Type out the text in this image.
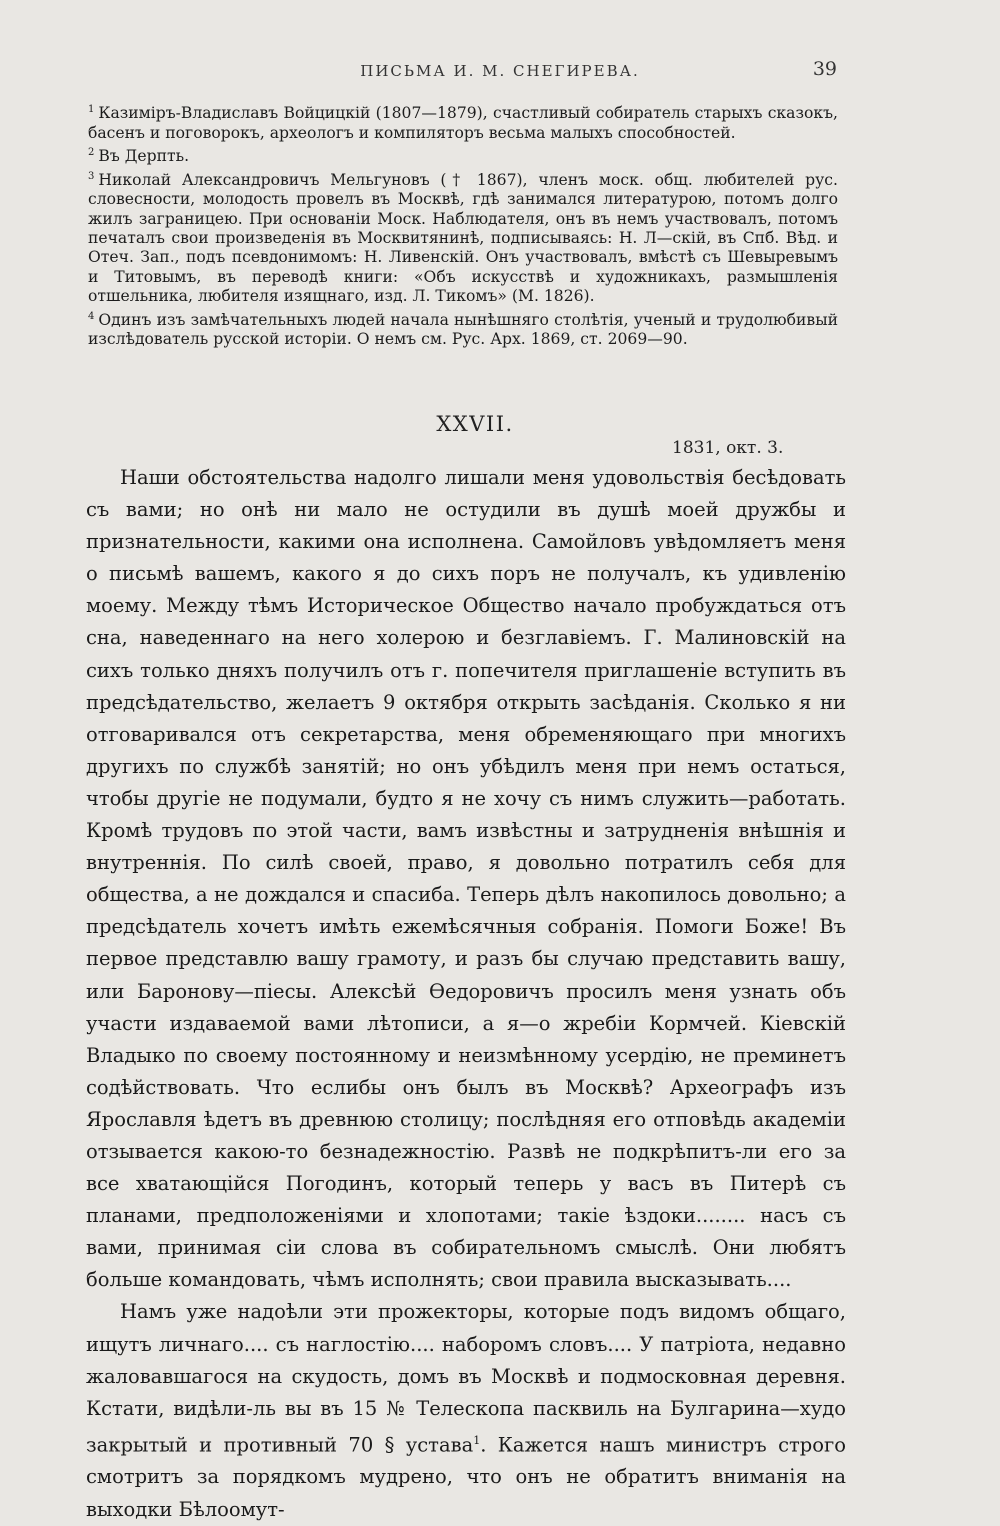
ПИСЬМА И. М. СНЕГИРЕВА.	39

$^1$ Казиміръ-Владиславъ Войцицкій (1807—1879), счастливый собиратель старыхъ сказокъ, басенъ и поговорокъ, археологъ и компиляторъ весьма малыхъ способностей.

$^2$ Въ Дерпть.

$^3$ Николай Александровичъ Мельгуновъ († 1867), членъ моск. общ. любителей рус. словесности, молодость провелъ въ Москвѣ, гдѣ занимался литературою, потомъ долго жилъ заграницею. При основаніи Моск. Наблюдателя, онъ въ немъ участвовалъ, потомъ печаталъ свои произведенія въ Москвитянинѣ, подписываясь: Н. Л—скій, въ Спб. Вѣд. и Отеч. Зап., подъ псевдонимомъ: Н. Ливенскій. Онъ участвовалъ, вмѣстѣ съ Шевыревымъ и Титовымъ, въ переводѣ книги: «Объ искусствѣ и художникахъ, размышленія отшельника, любителя изящнаго, изд. Л. Тикомъ» (М. 1826).

$^4$ Одинъ изъ замѣчательныхъ людей начала нынѣшняго столѣтія, ученый и трудолюбивый изслѣдователь русской исторіи. О немъ см. Рус. Арх. 1869, ст. 2069—90.

XXVII.
1831, окт. 3.

Наши обстоятельства надолго лишали меня удовольствія бесѣдовать съ вами; но онѣ ни мало не остудили въ душѣ моей дружбы и признательности, какими она исполнена. Самойловъ увѣдомляетъ меня о письмѣ вашемъ, какого я до сихъ поръ не получалъ, къ удивленію моему. Между тѣмъ Историческое Общество начало пробуждаться отъ сна, наведеннаго на него холерою и безглавіемъ. Г. Малиновскій на сихъ только дняхъ получилъ отъ г. попечителя приглашеніе вступить въ предсѣдательство, желаетъ 9 октября открыть засѣданія. Сколько я ни отговаривался отъ секретарства, меня обременяющаго при многихъ другихъ по службѣ занятій; но онъ убѣдилъ меня при немъ остаться, чтобы другіе не подумали, будто я не хочу съ нимъ служить—работать. Кромѣ трудовъ по этой части, вамъ извѣстны и затрудненія внѣшнія и внутреннія. По силѣ своей, право, я довольно потратилъ себя для общества, а не дождался и спасиба. Теперь дѣлъ накопилось довольно; а предсѣдатель хочетъ имѣть ежемѣсячныя собранія. Помоги Боже! Въ первое представлю вашу грамоту, и разъ бы случаю представить вашу, или Баронову—піесы. Алексѣй Ѳедоровичъ просилъ меня узнать объ участи издаваемой вами лѣтописи, а я—о жребіи Кормчей. Кіевскій Владыко по своему постоянному и неизмѣнному усердію, не преминетъ содѣйствовать. Что еслибы онъ былъ въ Москвѣ? Археографъ изъ Ярославля ѣдетъ въ древнюю столицу; послѣдняя его отповѣдь академіи отзывается какою-то безнадежностію. Развѣ не подкрѣпитъ-ли его за все хватающійся Погодинъ, который теперь у васъ въ Питерѣ съ планами, предположеніями и хлопотами; такіе ѣздоки........ насъ съ вами, принимая сіи слова въ собирательномъ смыслѣ. Они любятъ больше командовать, чѣмъ исполнять; свои правила высказывать....

Намъ уже надоѣли эти прожекторы, которые подъ видомъ общаго, ищутъ личнаго.... съ наглостію.... наборомъ словъ.... У патріота, недавно жаловавшагося на скудость, домъ въ Москвѣ и подмосковная деревня. Кстати, видѣли-ль вы въ 15 № Телескопа пасквиль на Булгарина—худо закрытый и противный 70 § устава$^1$. Кажется нашъ министръ строго смотритъ за порядкомъ мудрено, что онъ не обратитъ вниманія на выходки Бѣлоомут-
